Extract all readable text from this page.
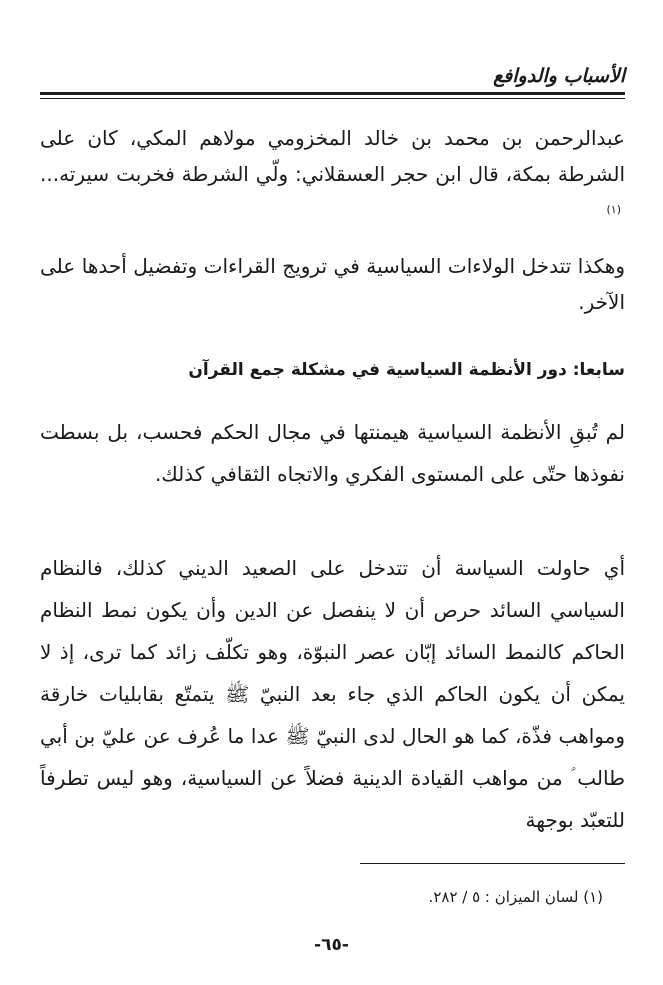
الأسباب والدوافع
عبدالرحمن بن محمد بن خالد المخزومي مولاهم المكي، كان على الشرطة بمكة، قال ابن حجر العسقلاني: ولّي الشرطة فخربت سيرته...$^{(١)}$
وهكذا تتدخل الولاءات السياسية في ترويج القراءات وتفضيل أحدها على الآخر.
سابعا: دور الأنظمة السياسية في مشكلة جمع القرآن
لم تُبقِ الأنظمة السياسية هيمنتها في مجال الحكم فحسب، بل بسطت نفوذها حتّى على المستوى الفكري والاتجاه الثقافي كذلك.
أي حاولت السياسة أن تتدخل على الصعيد الديني كذلك، فالنظام السياسي السائد حرص أن لا ينفصل عن الدين وأن يكون نمط النظام الحاكم كالنمط السائد إبّان عصر النبوّة، وهو تكلّف زائد كما ترى، إذ لا يمكن أن يكون الحاكم الذي جاء بعد النبيّ ﷺ يتمتّع بقابليات خارقة ومواهب فذّة، كما هو الحال لدى النبيّ ﷺ عدا ما عُرف عن عليّ بن أبي طالب ؑ من مواهب القيادة الدينية فضلاً عن السياسية، وهو ليس تطرفاً للتعبّد بوجهة
(١) لسان الميزان : ٥ / ٢٨٢.
-٦٥-
